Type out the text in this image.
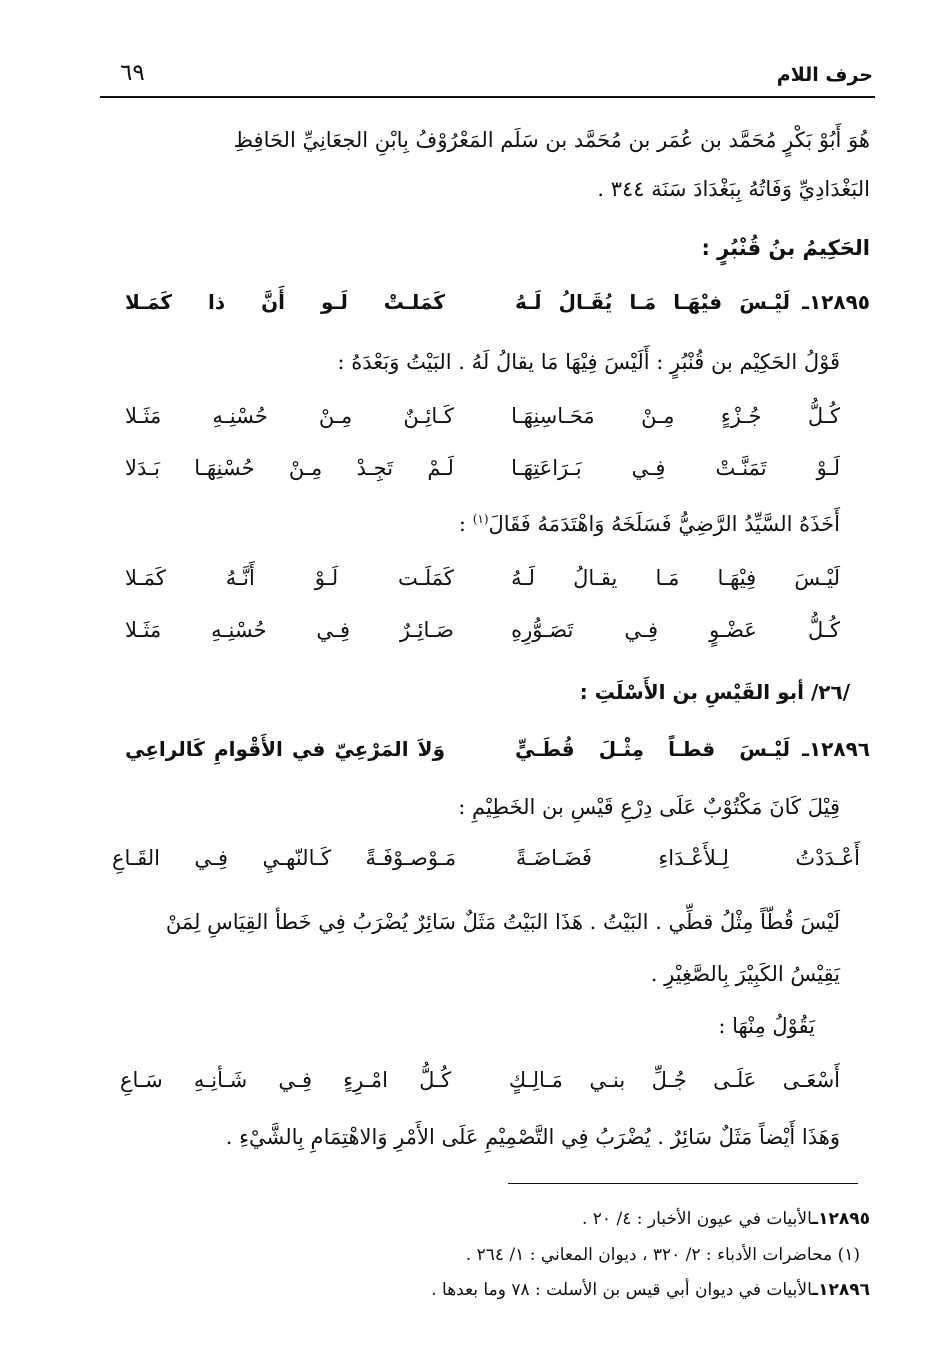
٦٩	حرف اللام
هُوَ أَبُوْ بَكْرٍ مُحَمَّد بن عُمَر بن مُحَمَّد بن سَلَم المَعْرُوْفُ بِابْنِ الجعَانِيِّ الحَافِظِ
البَغْدَادِيِّ وَفَاتُهُ بِبَغْدَادَ سَنَة ٣٤٤ .
الحَكِيمُ بنُ قُنْبُرٍ :
١٢٨٩٥ـ
لَيْـسَ فيْهَـا مَـا يُقَـالُ لَـهُ
كَمَلـتْ لَـو أَنَّ ذا كَمَـلا
قَوْلُ الحَكِيْم بن قُنْبُرٍ : أَلَيْسَ فِيْهَا مَا يقالُ لَهُ . البَيْتُ وَبَعْدَهُ :
كُـلُّ جُـزْءٍ مِـنْ مَحَـاسِنِهَـا
كَـائِـنٌ مِـنْ حُسْنِـهِ مَثَـلا
لَـوْ تَمَنَّـتْ فِـي بَـرَاعَتِهَـا
لَـمْ تَجِـدْ مِـنْ حُسْنِهَـا بَـدَلا
أَخَذَهُ السَّيِّدُ الرَّضِيُّ فَسَلَخَهُ وَاهْتَدَمَهُ فَقَالَ$^{(١)}$ :
لَيْـسَ فِيْهَـا مَـا يقـالُ لَـهُ
كَمَلَـت لَـوْ أَنَّـهُ كَمَـلا
كُـلُّ عَضْـوٍ فِـي تَصَـوُّرِهِ
صَـائِـرٌ فِـي حُسْنِـهِ مَثَـلا
/٢٦/ أبو القَيْسِ بن الأَسْلَتِ :
١٢٨٩٦ـ
لَيْـسَ قطـاً مِثْـلَ قُطَـيٍّ
وَلاَ المَرْعِيّ في الأَقْوامِ كَالراعِي
قِيْلَ كَانَ مَكْتُوْبٌ عَلَى دِرْعِ قَيْسِ بن الخَطِيْمِ :
أَعْـدَدْتُ لِـلأَعْـدَاءِ فَضَـاضَـةً
مَـوْصـوْفَـةً كَـالنّهـيِ فِـي القَـاعِ
لَيْسَ قُطّاً مِثْلُ قطِّي . البَيْتُ . هَذَا البَيْتُ مَثَلٌ سَائِرٌ يُضْرَبُ فِي خَطأ القِيَاسِ لِمَنْ
يَقِيْسُ الكَبِيْرَ بِالصَّغِيْرِ .
يَقُوْلُ مِنْهَا :
أَسْعَـى عَلَـى جُـلِّ بنـي مَـالِـكٍ
كُـلُّ امْـرِءٍ فِـي شَـأنِـهِ سَـاعِ
وَهَذَا أَيْضاً مَثَلٌ سَائِرٌ . يُضْرَبُ فِي التَّصْمِيْمِ عَلَى الأَمْرِ وَالاهْتِمَامِ بِالشَّيْءِ .
١٢٨٩٥ـالأبيات في عيون الأخبار : ٤/ ٢٠ .
(١) محاضرات الأدباء : ٢/ ٣٢٠ ، ديوان المعاني : ١/ ٢٦٤ .
١٢٨٩٦ـالأبيات في ديوان أبي قيس بن الأسلت : ٧٨ وما بعدها .
